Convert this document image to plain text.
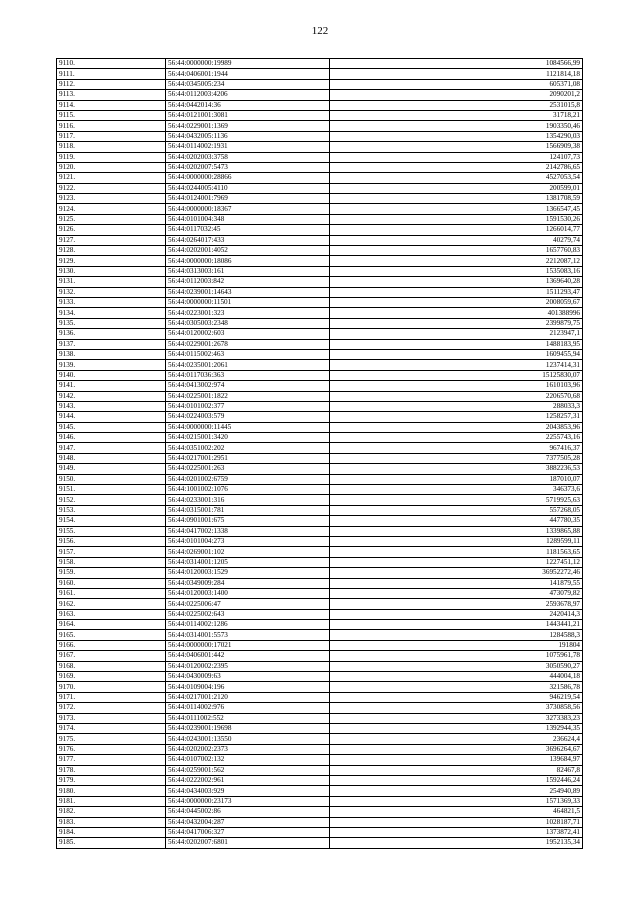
122
9110.	56:44:0000000:19989	1084566,99
9111.	56:44:0406001:1944	1121814,18
9112.	56:44:0345005:234	605371,08
9113.	56:44:0112003:4206	2090201,2
9114.	56:44:0442014:36	2531015,8
9115.	56:44:0121001:3081	31718,21
9116.	56:44:0229001:1369	1903350,46
9117.	56:44:0432005:1136	1354290,03
9118.	56:44:0114002:1931	1566909,38
9119.	56:44:0202003:3758	124107,73
9120.	56:44:0202007:5473	2142786,65
9121.	56:44:0000000:28866	4527053,54
9122.	56:44:0244005:4110	200599,01
9123.	56:44:0124001:7969	1381708,59
9124.	56:44:0000000:18367	1366547,45
9125.	56:44:0101004:348	1591530,26
9126.	56:44:0117032:45	1266014,77
9127.	56:44:0264017:433	40279,74
9128.	56:44:0202001:4052	1657760,83
9129.	56:44:0000000:18086	2212087,12
9130.	56:44:0313003:161	1535083,16
9131.	56:44:0112003:842	1369640,28
9132.	56:44:0239001:14643	1511293,47
9133.	56:44:0000000:11501	2008059,67
9134.	56:44:0223001:323	401388996
9135.	56:44:0305003:2348	2399879,75
9136.	56:44:0120002:603	2123947,1
9137.	56:44:0229001:2678	1488183,95
9138.	56:44:0115002:463	1609455,94
9139.	56:44:0235001:2061	1237414,31
9140.	56:44:0117036:363	15125830,07
9141.	56:44:0413002:974	1610103,96
9142.	56:44:0225001:1822	2206570,68
9143.	56:44:0101002:377	288033,3
9144.	56:44:0224003:579	1258257,31
9145.	56:44:0000000:11445	2043853,96
9146.	56:44:0215001:3420	2255743,16
9147.	56:44:0351002:202	967416,37
9148.	56:44:0217001:2951	7377505,28
9149.	56:44:0225001:263	3882236,53
9150.	56:44:0201002:6759	187010,07
9151.	56:44:1001002:1076	346373,6
9152.	56:44:0233001:316	5719925,63
9153.	56:44:0315001:781	557268,05
9154.	56:44:0901001:675	447780,35
9155.	56:44:0417002:1338	1339865,88
9156.	56:44:0101004:273	1289599,11
9157.	56:44:0269001:102	1181563,65
9158.	56:44:0314001:1205	1227451,12
9159.	56:44:0120003:1529	36952272,46
9160.	56:44:0349009:284	141879,55
9161.	56:44:0120003:1400	473079,82
9162.	56:44:0225006:47	2593678,97
9163.	56:44:0225002:643	2420414,3
9164.	56:44:0114002:1286	1443441,21
9165.	56:44:0314001:5573	1284588,3
9166.	56:44:0000000:17021	191804
9167.	56:44:0406001:442	1075961,78
9168.	56:44:0120002:2395	3050590,27
9169.	56:44:0430009:63	444004,18
9170.	56:44:0109004:196	321586,78
9171.	56:44:0217001:2120	946219,54
9172.	56:44:0114002:976	3730858,56
9173.	56:44:0111002:552	3273383,23
9174.	56:44:0239001:19698	1392944,35
9175.	56:44:0243001:13550	236624,4
9176.	56:44:0202002:2373	3696264,67
9177.	56:44:0107002:132	139684,97
9178.	56:44:0259001:562	82467,8
9179.	56:44:0222002:961	1592446,24
9180.	56:44:0434003:929	254940,89
9181.	56:44:0000000:23173	1571369,33
9182.	56:44:0445002:86	464821,5
9183.	56:44:0432004:287	1028187,71
9184.	56:44:0417006:327	1373872,41
9185.	56:44:0202007:6801	1952135,34
